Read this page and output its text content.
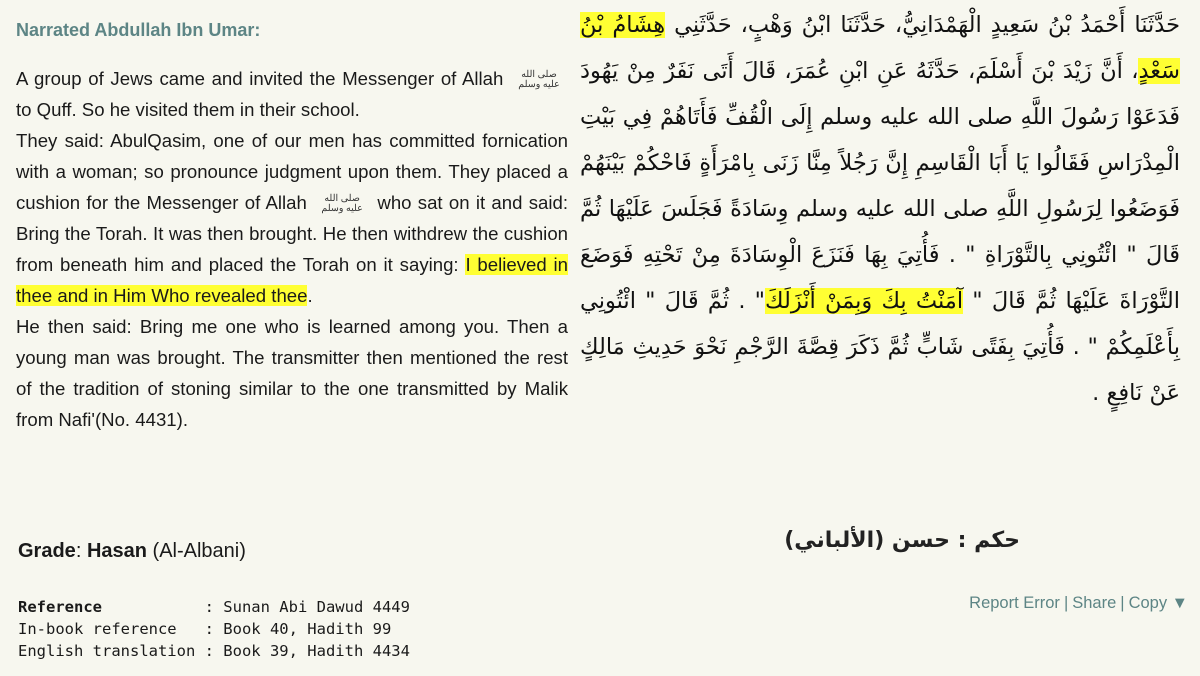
Narrated Abdullah Ibn Umar:

A group of Jews came and invited the Messenger of Allah	صلى الله
عليه وسلم
to Quff. So he visited them in their school.

They said: AbulQasim, one of our men has committed fornication with a woman; so pronounce judgment upon them. They placed a cushion for the Messenger of Allah	صلى الله
عليه وسلم who sat on it and said: Bring the Torah. It was then brought. He then withdrew the cushion from beneath him and placed the Torah on it saying: I believed in thee and in Him Who revealed thee.

He then said: Bring me one who is learned among you. Then a young man was brought. The transmitter then mentioned the rest of the tradition of stoning similar to the one transmitted by Malik from Nafi'(No. 4431).

حَدَّثَنَا أَحْمَدُ بْنُ سَعِيدٍ الْهَمْدَانِيُّ، حَدَّثَنَا ابْنُ وَهْبٍ، حَدَّثَنِي هِشَامُ بْنُ سَعْدٍ، أَنَّ زَيْدَ بْنَ أَسْلَمَ، حَدَّثَهُ عَنِ ابْنِ عُمَرَ، قَالَ أَتَى نَفَرٌ مِنْ يَهُودَ فَدَعَوْا رَسُولَ اللَّهِ صلى الله عليه وسلم إِلَى الْقُفِّ فَأَتَاهُمْ فِي بَيْتِ الْمِدْرَاسِ فَقَالُوا يَا أَبَا الْقَاسِمِ إِنَّ رَجُلاً مِنَّا زَنَى بِامْرَأَةٍ فَاحْكُمْ بَيْنَهُمْ فَوَضَعُوا لِرَسُولِ اللَّهِ صلى الله عليه وسلم وِسَادَةً فَجَلَسَ عَلَيْهَا ثُمَّ قَالَ " ائْتُونِي بِالتَّوْرَاةِ " . فَأُتِيَ بِهَا فَنَزَعَ الْوِسَادَةَ مِنْ تَحْتِهِ فَوَضَعَ التَّوْرَاةَ عَلَيْهَا ثُمَّ قَالَ " آمَنْتُ بِكَ وَبِمَنْ أَنْزَلَكَ" . ثُمَّ قَالَ " ائْتُونِي بِأَعْلَمِكُمْ " . فَأُتِيَ بِفَتًى شَابٍّ ثُمَّ ذَكَرَ قِصَّةَ الرَّجْمِ نَحْوَ حَدِيثِ مَالِكٍ عَنْ نَافِعٍ .
Grade: Hasan (Al-Albani)	حكم : حسن (الألباني)
Reference           : Sunan Abi Dawud 4449
In-book reference   : Book 40, Hadith 99
English translation : Book 39, Hadith 4434
Report Error | Share | Copy ▼
